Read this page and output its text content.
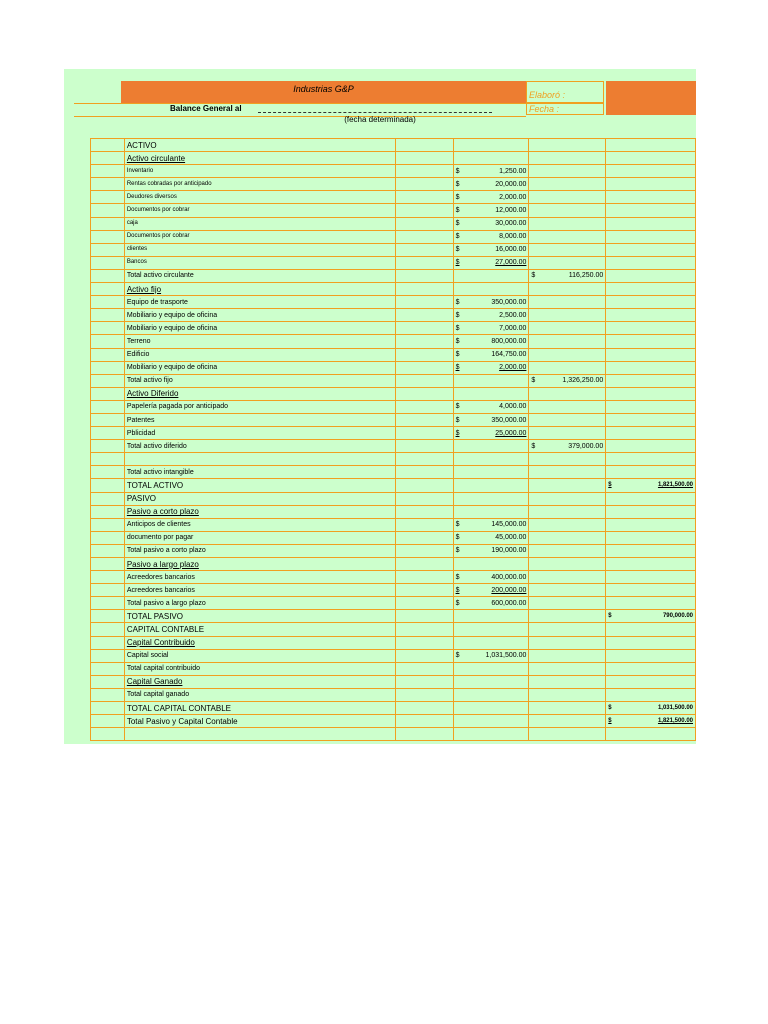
Industrias G&P
Elaboró :
Balance General al	Fecha :
(fecha determinada)
	ACTIVO				
	Activo circulante				
	Inventario		$ 1,250.00		

	Rentas cobradas por anticipado		$ 20,000.00		

	Deudores diversos		$ 2,000.00		

	Documentos por cobrar		$ 12,000.00		

	caja		$ 30,000.00		

	Documentos por cobrar		$ 8,000.00		

	clientes		$ 16,000.00		

	Bancos		$ 27,000.00		

	Total activo circulante			$ 116,250.00	

	Activo fijo				
	Equipo de trasporte		$ 350,000.00		

	Mobiliario y equipo de oficina		$ 2,500.00		

	Mobiliario y equipo de oficina		$ 7,000.00		

	Terreno		$ 800,000.00		

	Edificio		$ 164,750.00		

	Mobiliario y equipo de oficina		$ 2,000.00		

	Total activo fijo			$ 1,326,250.00	

	Activo Diferido				
	Papelería pagada por anticipado		$ 4,000.00		

	Patentes		$ 350,000.00		

	Pblicidad		$ 25,000.00		

	Total activo diferido			$ 379,000.00	

	Total activo intangible				
	TOTAL ACTIVO				$ 1,821,500.00

	PASIVO				
	Pasivo a corto plazo				
	Anticipos de clientes		$ 145,000.00		

	documento por pagar		$ 45,000.00		

	Total pasivo a corto plazo		$ 190,000.00		

	Pasivo a largo plazo				
	Acreedores bancarios		$ 400,000.00		

	Acreedores bancarios		$ 200,000.00		

	Total pasivo a largo plazo		$ 600,000.00		

	TOTAL PASIVO				$ 790,000.00

	CAPITAL CONTABLE				
	Capital Contribuido				
	Capital social		$ 1,031,500.00		

	Total capital contribuido				
	Capital Ganado				
	Total capital ganado				
	TOTAL CAPITAL CONTABLE				$ 1,031,500.00

	Total Pasivo y Capital Contable				$ 1,821,500.00
